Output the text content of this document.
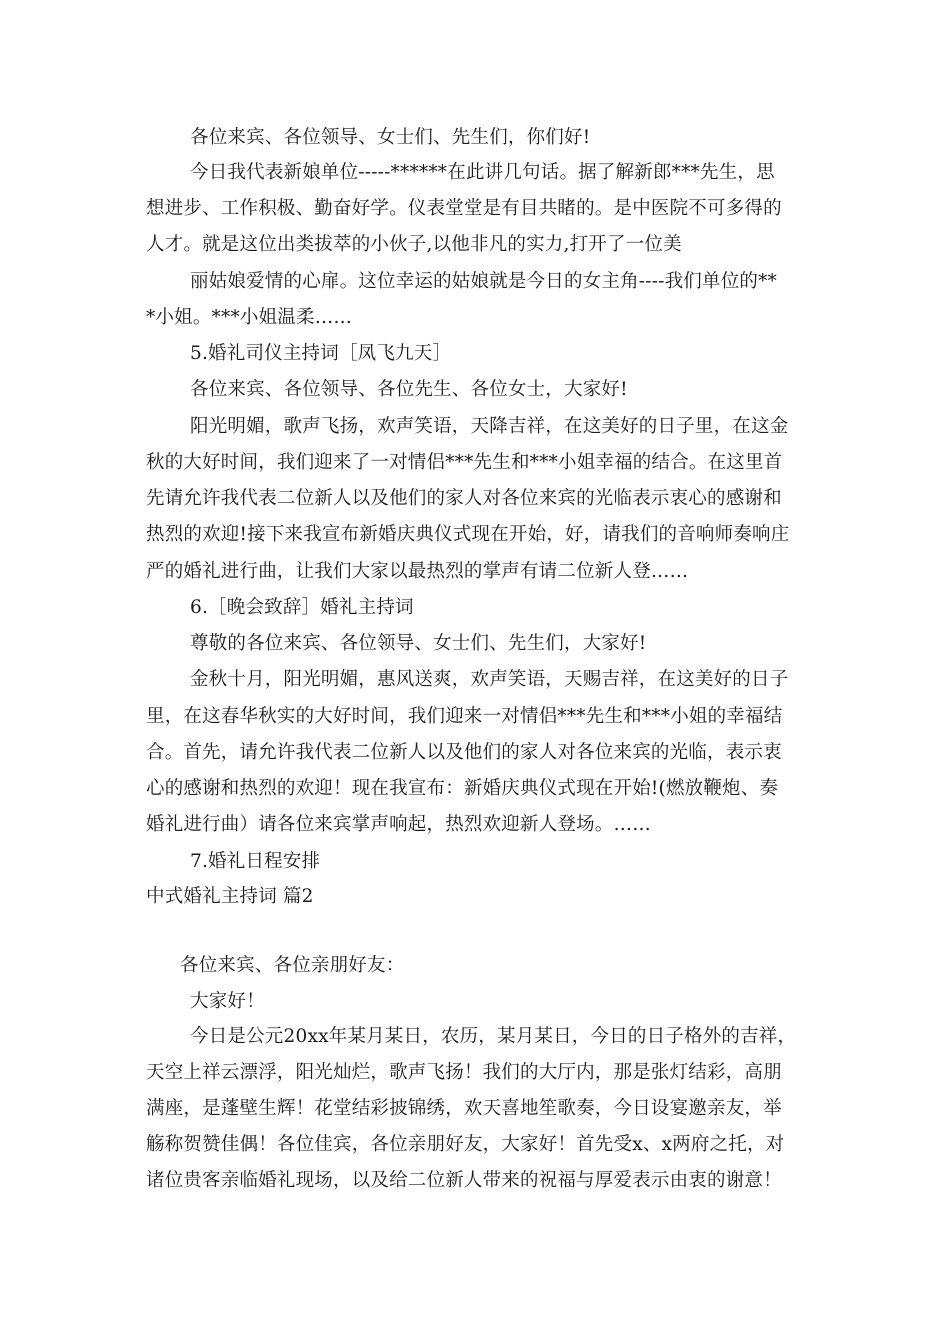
各位来宾、各位领导、女士们、先生们，你们好!
今日我代表新娘单位-----******在此讲几句话。据了解新郎***先生，思
想进步、工作积极、勤奋好学。仪表堂堂是有目共睹的。是中医院不可多得的
人才。就是这位出类拔萃的小伙子,以他非凡的实力,打开了一位美
丽姑娘爱情的心扉。这位幸运的姑娘就是今日的女主角----我们单位的**
*小姐。***小姐温柔……
5.婚礼司仪主持词［凤飞九天］
各位来宾、各位领导、各位先生、各位女士，大家好!
阳光明媚，歌声飞扬，欢声笑语，天降吉祥，在这美好的日子里，在这金
秋的大好时间，我们迎来了一对情侣***先生和***小姐幸福的结合。在这里首
先请允许我代表二位新人以及他们的家人对各位来宾的光临表示衷心的感谢和
热烈的欢迎!接下来我宣布新婚庆典仪式现在开始，好，请我们的音响师奏响庄
严的婚礼进行曲，让我们大家以最热烈的掌声有请二位新人登……
6.［晚会致辞］婚礼主持词
尊敬的各位来宾、各位领导、女士们、先生们，大家好!
金秋十月，阳光明媚，惠风送爽，欢声笑语，天赐吉祥，在这美好的日子
里，在这春华秋实的大好时间，我们迎来一对情侣***先生和***小姐的幸福结
合。首先，请允许我代表二位新人以及他们的家人对各位来宾的光临，表示衷
心的感谢和热烈的欢迎！现在我宣布：新婚庆典仪式现在开始!(燃放鞭炮、奏
婚礼进行曲）请各位来宾掌声响起，热烈欢迎新人登场。……
7.婚礼日程安排
中式婚礼主持词 篇2
各位来宾、各位亲朋好友：
大家好！
今日是公元20xx年某月某日，农历，某月某日，今日的日子格外的吉祥，
天空上祥云漂浮，阳光灿烂，歌声飞扬！我们的大厅内，那是张灯结彩，高朋
满座，是蓬壁生辉！花堂结彩披锦绣，欢天喜地笙歌奏，今日设宴邀亲友，举
觞称贺赞佳偶！各位佳宾，各位亲朋好友，大家好！首先受x、x两府之托，对
诸位贵客亲临婚礼现场，以及给二位新人带来的祝福与厚爱表示由衷的谢意！
